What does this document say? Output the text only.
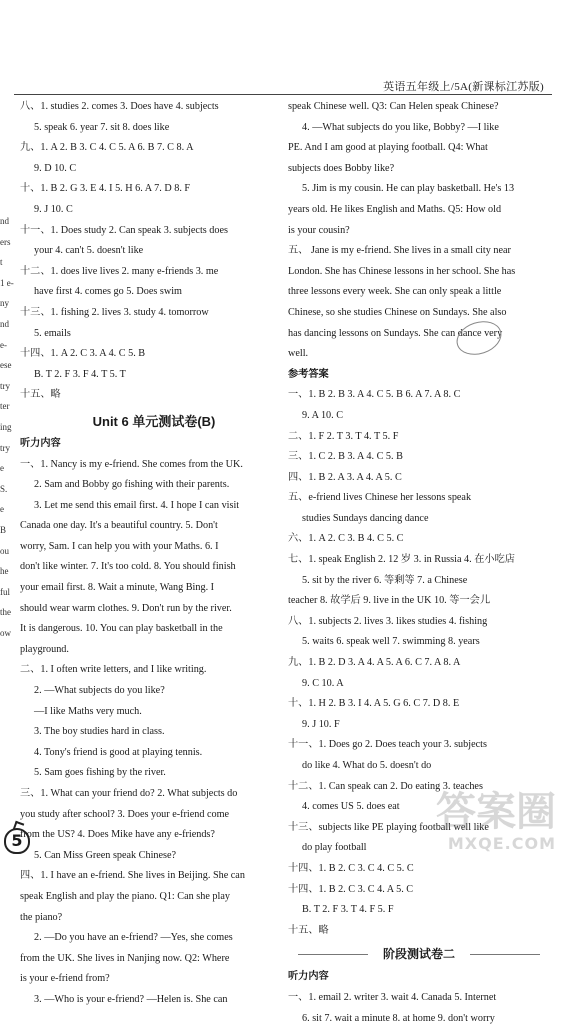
英语五年级上/5A(新课标江苏版)
nd
ers
t
1 e-
ny
nd
e-
ese
try
ter
ing
try
e
S.
e
B
ou
he
ful
the
ow
八、1. studies 2. comes 3. Does have 4. subjects
5. speak 6. year 7. sit 8. does like
九、1. A 2. B 3. C 4. C 5. A 6. B 7. C 8. A
9. D 10. C
十、1. B 2. G 3. E 4. I 5. H 6. A 7. D 8. F
9. J 10. C
十一、1. Does study 2. Can speak 3. subjects does
your 4. can't 5. doesn't like
十二、1. does live lives 2. many e-friends 3. me
have first 4. comes go 5. Does swim
十三、1. fishing 2. lives 3. study 4. tomorrow
5. emails
十四、1. A 2. C 3. A 4. C 5. B
B. T 2. F 3. F 4. T 5. T
十五、略
Unit 6 单元测试卷(B)
听力内容
一、1. Nancy is my e-friend. She comes from the UK.
2. Sam and Bobby go fishing with their parents.
3. Let me send this email first. 4. I hope I can visit
Canada one day. It's a beautiful country. 5. Don't
worry, Sam. I can help you with your Maths. 6. I
don't like winter. 7. It's too cold. 8. You should finish
your email first. 8. Wait a minute, Wang Bing. I
should wear warm clothes. 9. Don't run by the river.
It is dangerous. 10. You can play basketball in the
playground.
二、1. I often write letters, and I like writing.
2. —What subjects do you like?
—I like Maths very much.
3. The boy studies hard in class.
4. Tony's friend is good at playing tennis.
5. Sam goes fishing by the river.
三、1. What can your friend do? 2. What subjects do
you study after school? 3. Does your e-friend come
from the US? 4. Does Mike have any e-friends?
5. Can Miss Green speak Chinese?
四、1. I have an e-friend. She lives in Beijing. She can
speak English and play the piano. Q1: Can she play
the piano?
2. —Do you have an e-friend? —Yes, she comes
from the UK. She lives in Nanjing now. Q2: Where
is your e-friend from?
3. —Who is your e-friend? —Helen is. She can
speak Chinese well. Q3: Can Helen speak Chinese?
4. —What subjects do you like, Bobby? —I like
PE. And I am good at playing football. Q4: What
subjects does Bobby like?
5. Jim is my cousin. He can play basketball. He's 13
years old. He likes English and Maths. Q5: How old
is your cousin?
五、 Jane is my e-friend. She lives in a small city near
London. She has Chinese lessons in her school. She has
three lessons every week. She can only speak a little
Chinese, so she studies Chinese on Sundays. She also
has dancing lessons on Sundays. She can dance very
well.
参考答案
一、1. B 2. B 3. A 4. C 5. B 6. A 7. A 8. C
9. A 10. C
二、1. F 2. T 3. T 4. T 5. F
三、1. C 2. B 3. A 4. C 5. B
四、1. B 2. A 3. A 4. A 5. C
五、e-friend lives Chinese her lessons speak
studies Sundays dancing dance
六、1. A 2. C 3. B 4. C 5. C
七、1. speak English 2. 12 岁 3. in Russia 4. 在小吃店
5. sit by the river 6. 等剩等 7. a Chinese
teacher 8. 故学后 9. live in the UK 10. 等一会儿
八、1. subjects 2. lives 3. likes studies 4. fishing
5. waits 6. speak well 7. swimming 8. years
九、1. B 2. D 3. A 4. A 5. A 6. C 7. A 8. A
9. C 10. A
十、1. H 2. B 3. I 4. A 5. G 6. C 7. D 8. E
9. J 10. F
十一、1. Does go 2. Does teach your 3. subjects
do like 4. What do 5. doesn't do
十二、1. Can speak can 2. Do eating 3. teaches
4. comes US 5. does eat
十三、subjects like PE playing football well like
do play football
十四、1. B 2. C 3. C 4. C 5. C
十四、1. B 2. C 3. C 4. A 5. C
B. T 2. F 3. T 4. F 5. F
十五、略
阶段测试卷二
听力内容
一、1. email 2. writer 3. wait 4. Canada 5. Internet
6. sit 7. wait a minute 8. at home 9. don't worry
5
答案圈
MXQE.COM
